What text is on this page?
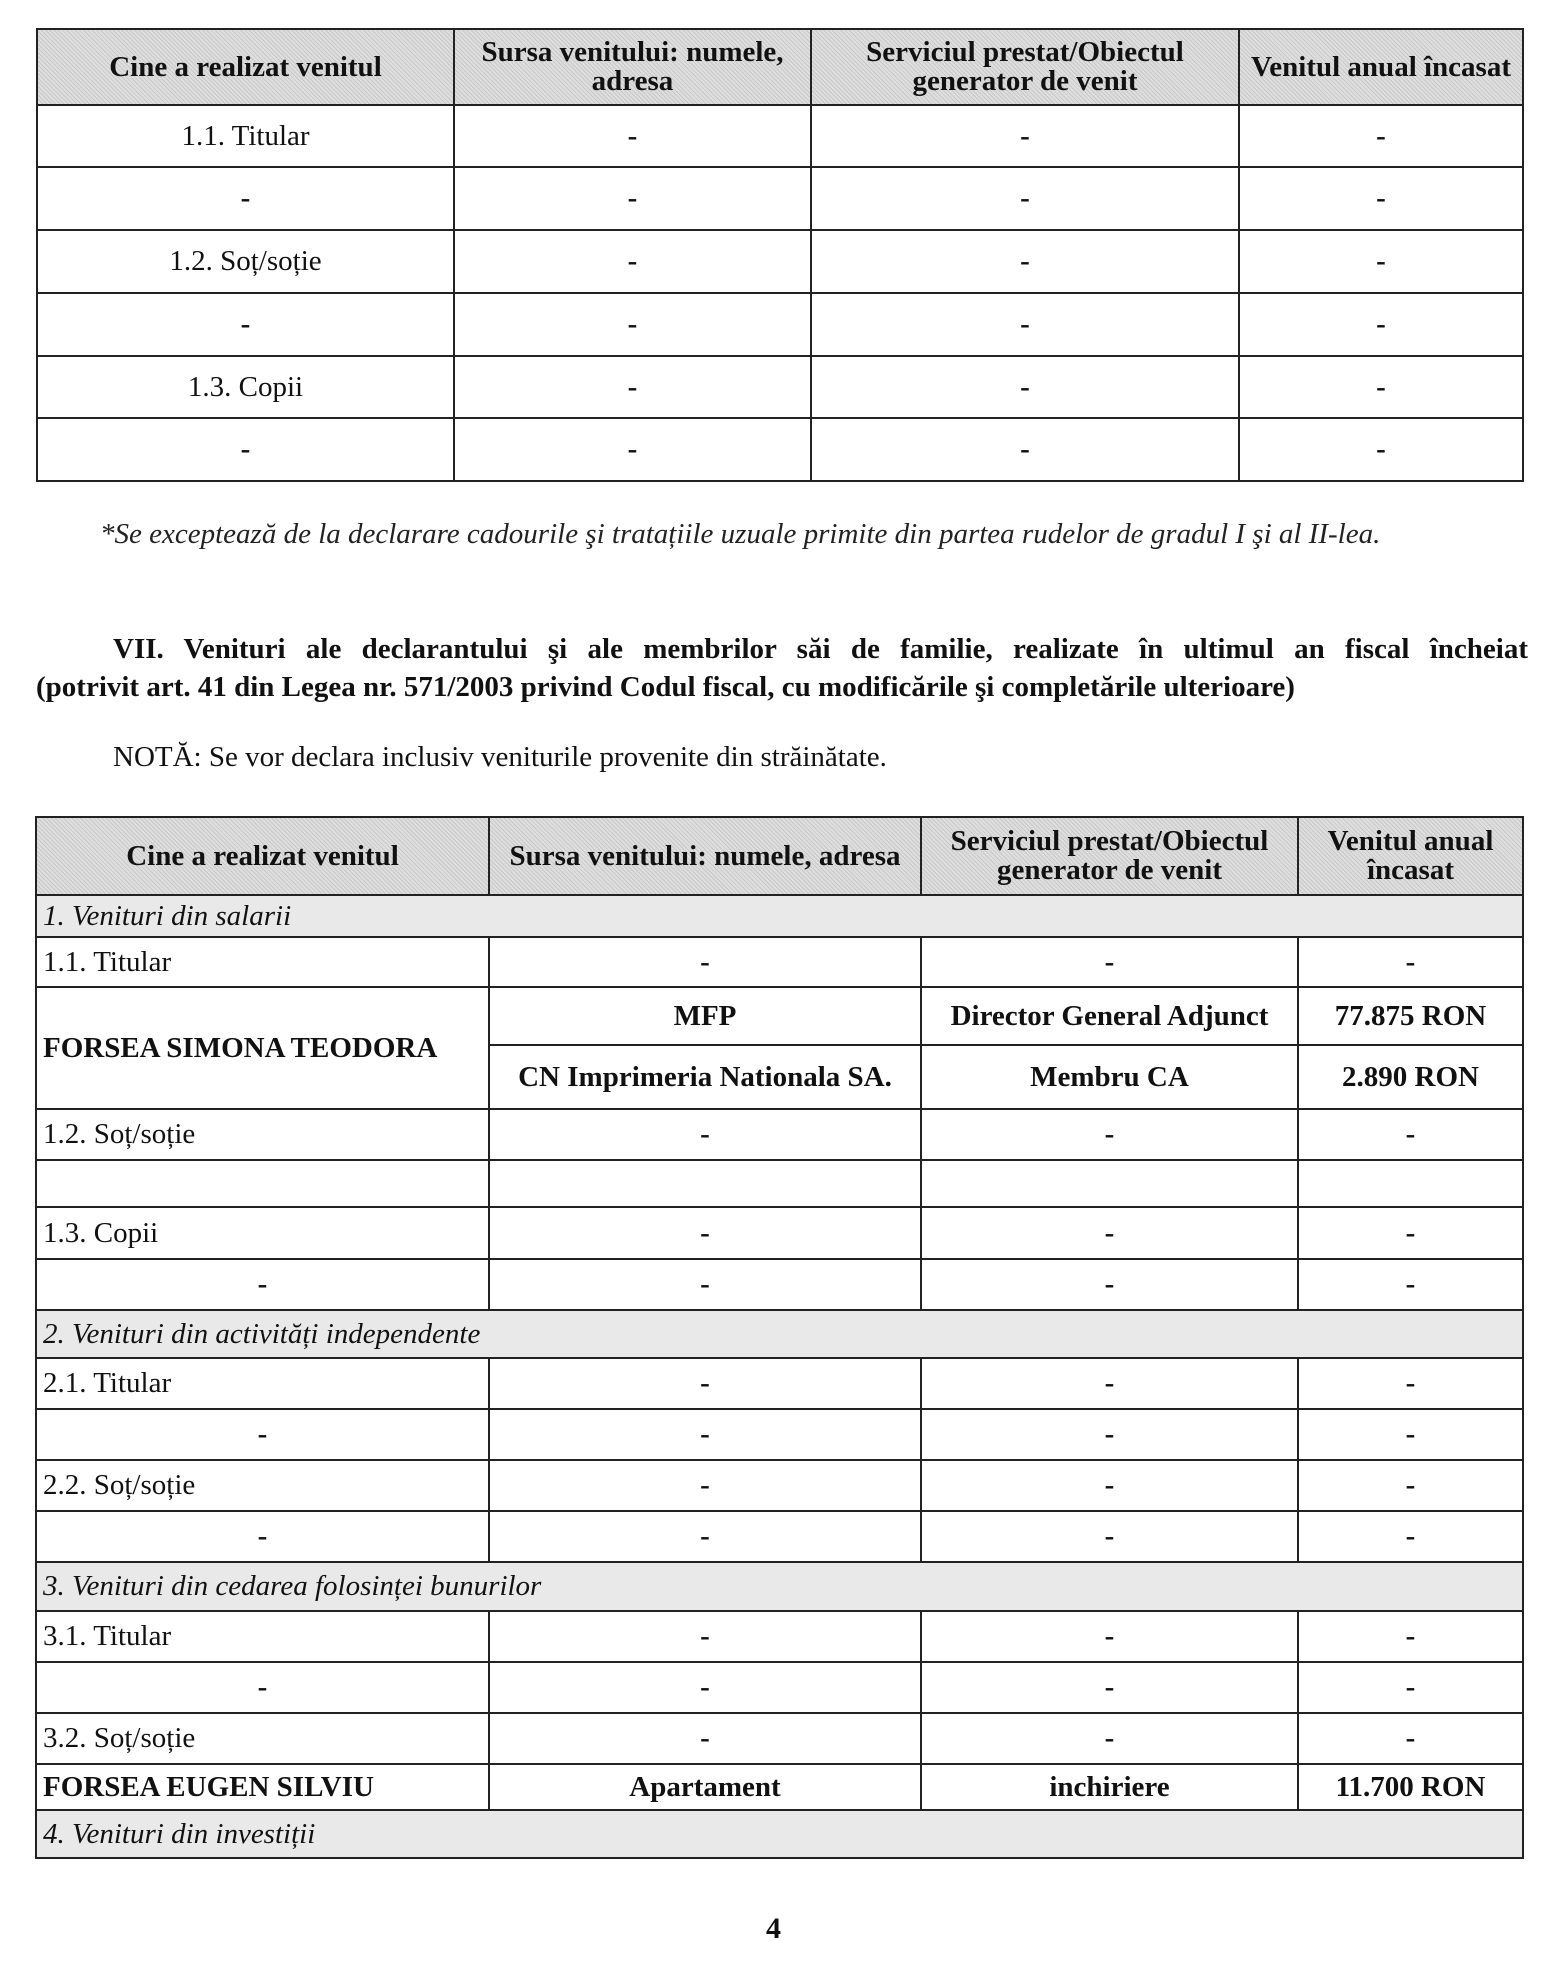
Cine a realizat venitul	Sursa venitului: numele, adresa	Serviciul prestat/Obiectul generator de venit	Venitul anual încasat
1.1. Titular	-	-	-
-	-	-	-
1.2. Soț/soție	-	-	-
-	-	-	-
1.3. Copii	-	-	-
-	-	-	-
*Se exceptează de la declarare cadourile şi tratațiile uzuale primite din partea rudelor de gradul I şi al II-lea.
VII. Venituri ale declarantului şi ale membrilor săi de familie, realizate în ultimul an fiscal încheiat
(potrivit art. 41 din Legea nr. 571/2003 privind Codul fiscal, cu modificările şi completările ulterioare)
NOTĂ: Se vor declara inclusiv veniturile provenite din străinătate.
Cine a realizat venitul	Sursa venitului: numele, adresa	Serviciul prestat/Obiectul generator de venit	Venitul anual încasat
1. Venituri din salarii			
1.1. Titular	-	-	-
FORSEA SIMONA TEODORA	MFP	Director General Adjunct	77.875 RON
	CN Imprimeria Nationala SA.	Membru CA	2.890 RON
1.2. Soț/soție	-	-	-

1.3. Copii	-	-	-
-	-	-	-
2. Venituri din activități independente			
2.1. Titular	-	-	-
-	-	-	-
2.2. Soț/soție	-	-	-
-	-	-	-
3. Venituri din cedarea folosinței bunurilor			
3.1. Titular	-	-	-
-	-	-	-
3.2. Soț/soție	-	-	-
FORSEA EUGEN SILVIU	Apartament	inchiriere	11.700 RON
4. Venituri din investiții			
4
